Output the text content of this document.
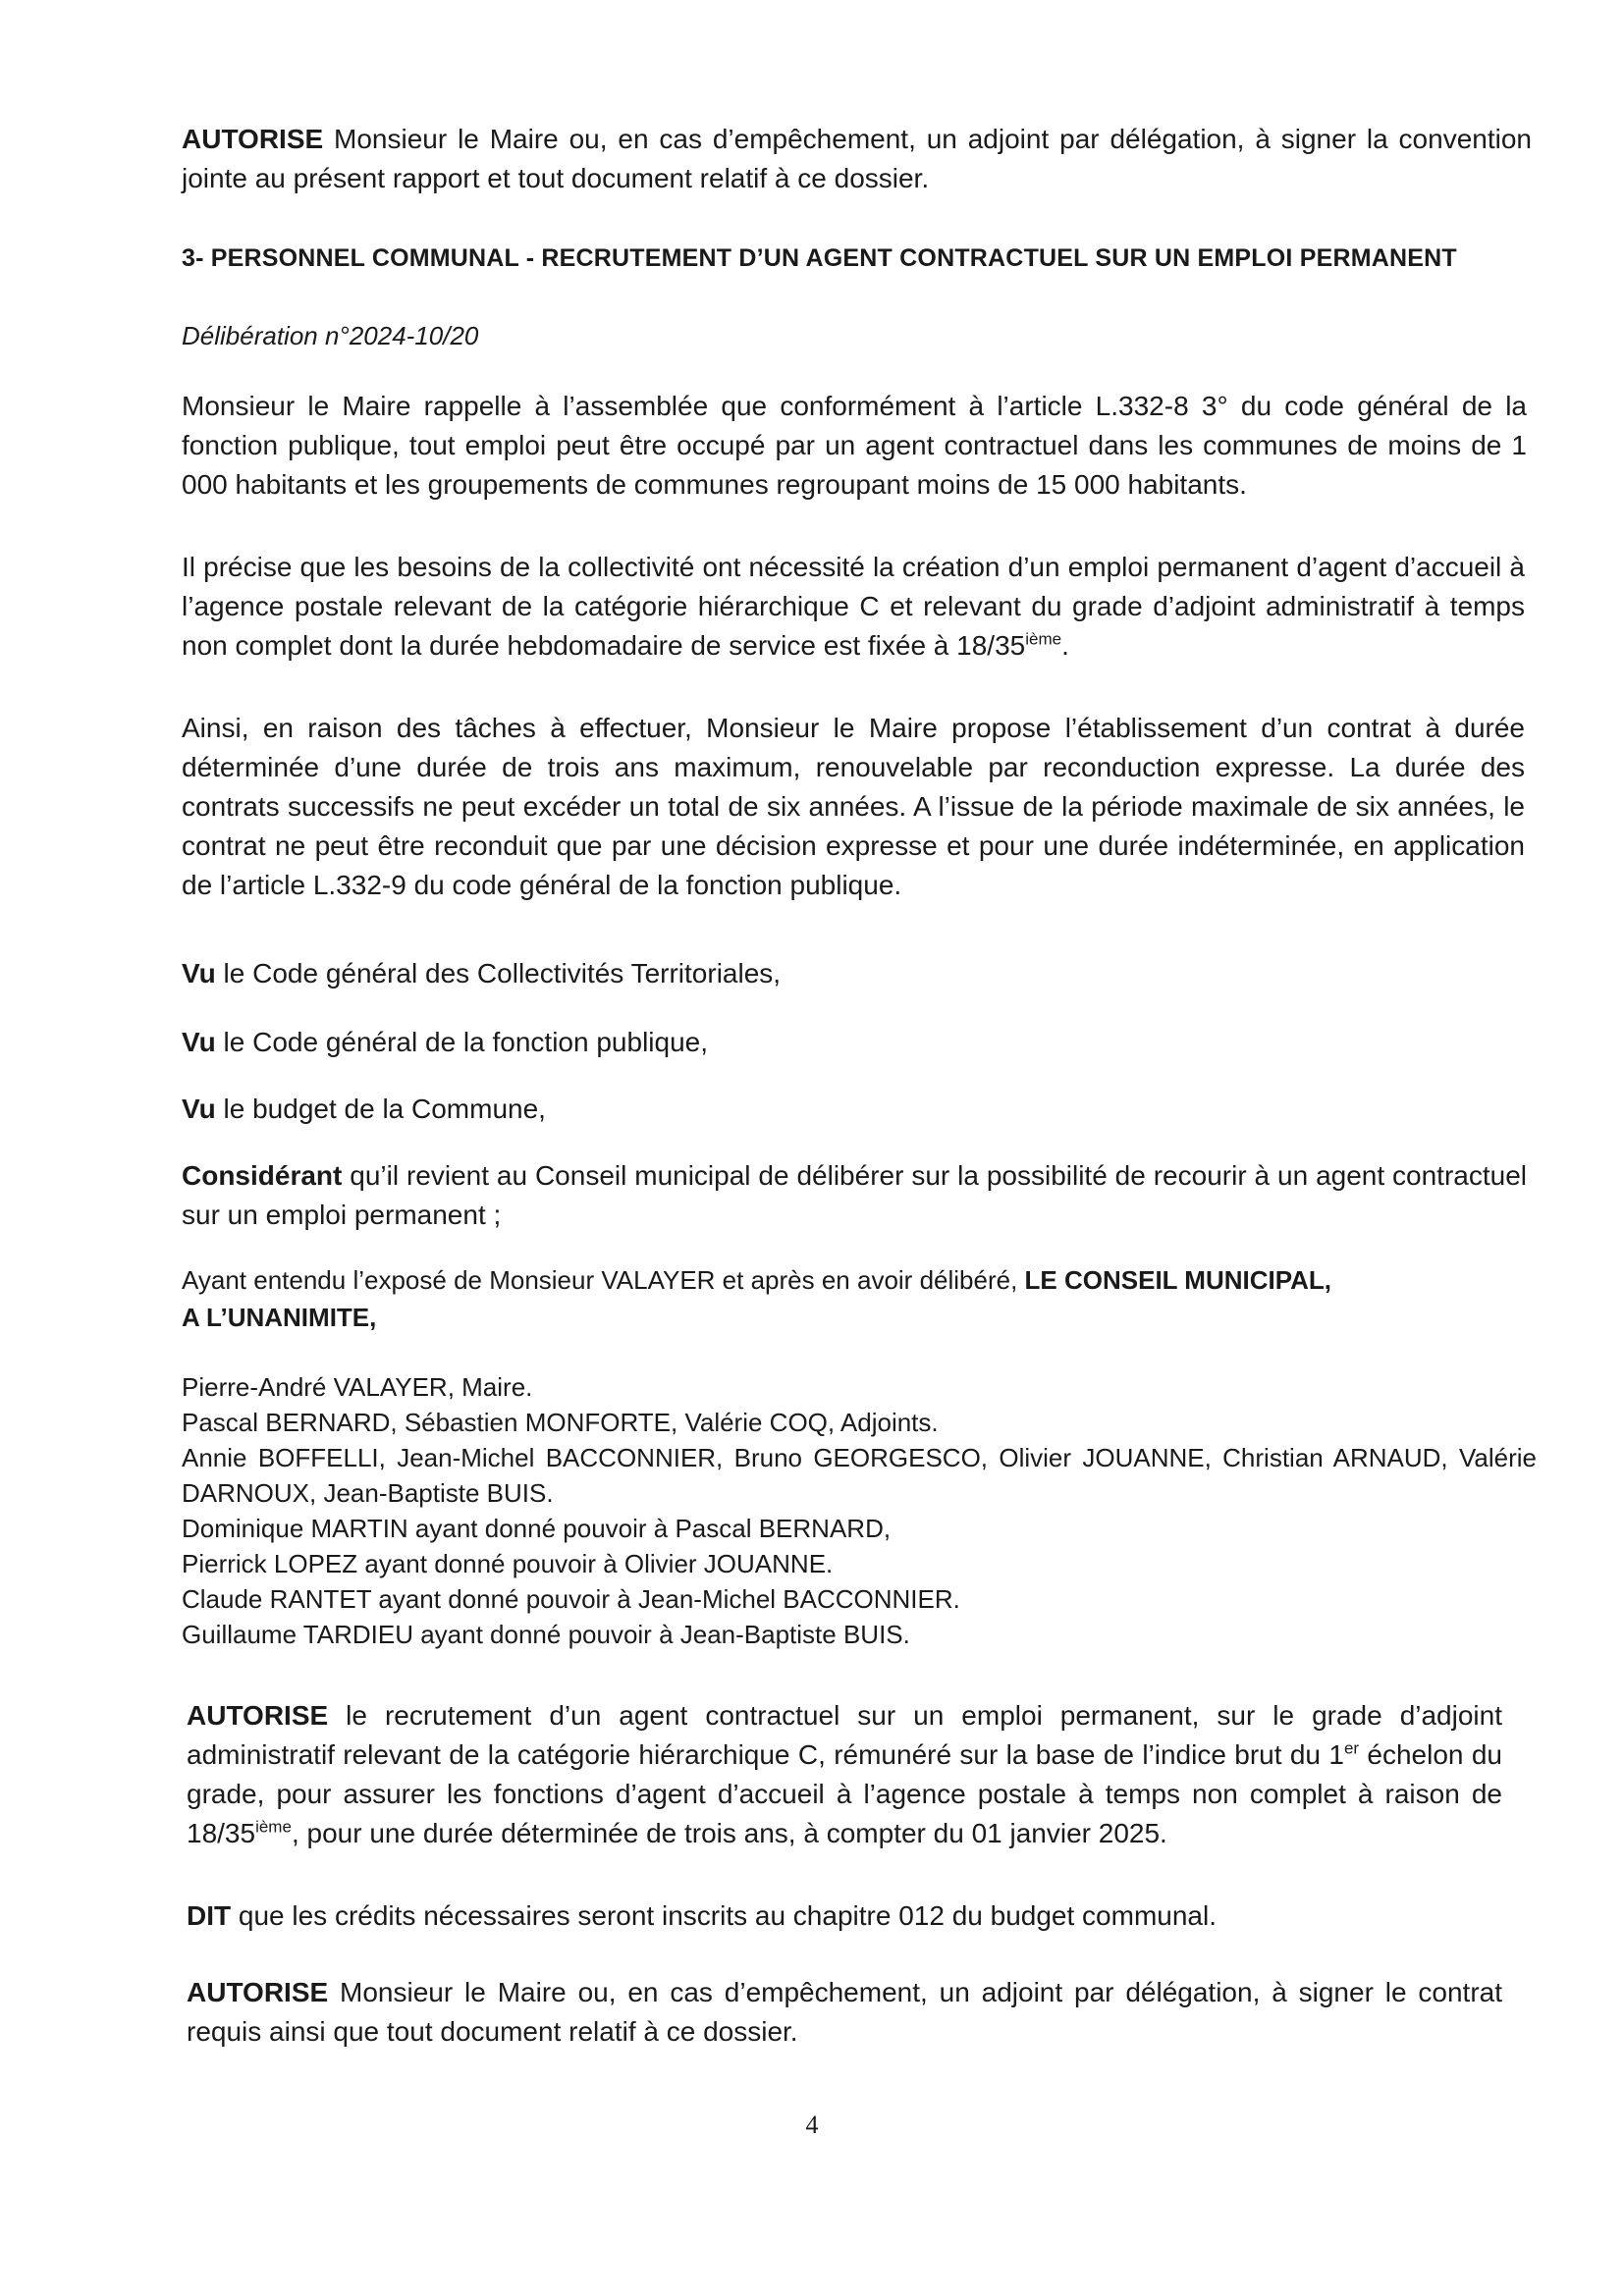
AUTORISE Monsieur le Maire ou, en cas d’empêchement, un adjoint par délégation, à signer la convention jointe au présent rapport et tout document relatif à ce dossier.

3- PERSONNEL COMMUNAL - RECRUTEMENT D’UN AGENT CONTRACTUEL SUR UN EMPLOI PERMANENT
Délibération n°2024-10/20

Monsieur le Maire rappelle à l’assemblée que conformément à l’article L.332-8 3° du code général de la fonction publique, tout emploi peut être occupé par un agent contractuel dans les communes de moins de 1 000 habitants et les groupements de communes regroupant moins de 15 000 habitants.

Il précise que les besoins de la collectivité ont nécessité la création d’un emploi permanent d’agent d’accueil à l’agence postale relevant de la catégorie hiérarchique C et relevant du grade d’adjoint administratif à temps non complet dont la durée hebdomadaire de service est fixée à 18/35ième.

Ainsi, en raison des tâches à effectuer, Monsieur le Maire propose l’établissement d’un contrat à durée déterminée d’une durée de trois ans maximum, renouvelable par reconduction expresse. La durée des contrats successifs ne peut excéder un total de six années. A l’issue de la période maximale de six années, le contrat ne peut être reconduit que par une décision expresse et pour une durée indéterminée, en application de l’article L.332-9 du code général de la fonction publique.

Vu le Code général des Collectivités Territoriales,
Vu le Code général de la fonction publique,
Vu le budget de la Commune,

Considérant qu’il revient au Conseil municipal de délibérer sur la possibilité de recourir à un agent contractuel sur un emploi permanent ;

Ayant entendu l’exposé de Monsieur VALAYER et après en avoir délibéré, LE CONSEIL MUNICIPAL,
A L’UNANIMITE,
Pierre-André VALAYER, Maire.
Pascal BERNARD, Sébastien MONFORTE, Valérie COQ, Adjoints.
Annie BOFFELLI, Jean-Michel BACCONNIER, Bruno GEORGESCO, Olivier JOUANNE, Christian ARNAUD, Valérie DARNOUX, Jean-Baptiste BUIS.
Dominique MARTIN ayant donné pouvoir à Pascal BERNARD,
Pierrick LOPEZ ayant donné pouvoir à Olivier JOUANNE.
Claude RANTET ayant donné pouvoir à Jean-Michel BACCONNIER.
Guillaume TARDIEU ayant donné pouvoir à Jean-Baptiste BUIS.

AUTORISE le recrutement d’un agent contractuel sur un emploi permanent, sur le grade d’adjoint administratif relevant de la catégorie hiérarchique C, rémunéré sur la base de l’indice brut du 1er échelon du grade, pour assurer les fonctions d’agent d’accueil à l’agence postale à temps non complet à raison de 18/35ième, pour une durée déterminée de trois ans, à compter du 01 janvier 2025.

DIT que les crédits nécessaires seront inscrits au chapitre 012 du budget communal.

AUTORISE Monsieur le Maire ou, en cas d’empêchement, un adjoint par délégation, à signer le contrat requis ainsi que tout document relatif à ce dossier.

4
